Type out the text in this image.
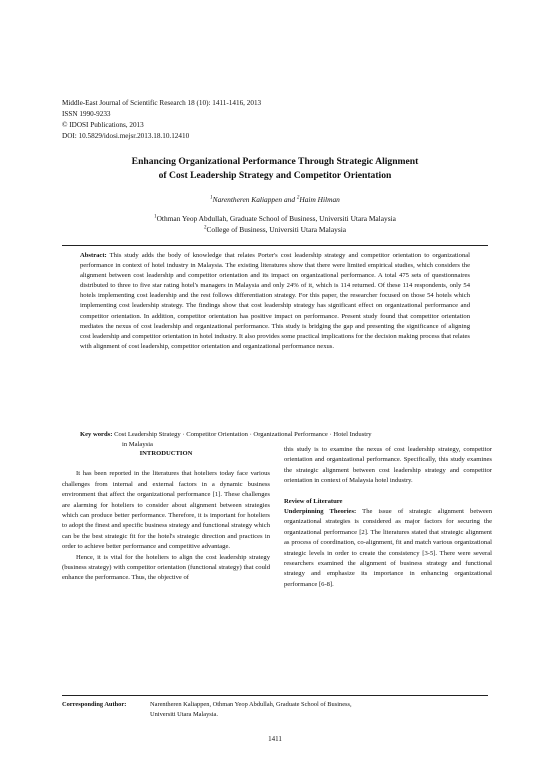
Middle-East Journal of Scientific Research 18 (10): 1411-1416, 2013
ISSN 1990-9233
© IDOSI Publications, 2013
DOI: 10.5829/idosi.mejsr.2013.18.10.12410
Enhancing Organizational Performance Through Strategic Alignment
of Cost Leadership Strategy and Competitor Orientation
$^1$Narentheren Kaliappen and $^2$Haim Hilman
$^1$Othman Yeop Abdullah, Graduate School of Business, Universiti Utara Malaysia
$^2$College of Business, Universiti Utara Malaysia
Abstract: This study adds the body of knowledge that relates Porter's cost leadership strategy and competitor orientation to organizational performance in context of hotel industry in Malaysia. The existing literatures show that there were limited empirical studies, which considers the alignment between cost leadership and competitor orientation and its impact on organizational performance. A total 475 sets of questionnaires distributed to three to five star rating hotel's managers in Malaysia and only 24% of it, which is 114 returned. Of these 114 respondents, only 54 hotels implementing cost leadership and the rest follows differentiation strategy. For this paper, the researcher focused on those 54 hotels which implementing cost leadership strategy. The findings show that cost leadership strategy has significant effect on organizational performance and competitor orientation. In addition, competitor orientation has positive impact on performance. Present study found that competitor orientation mediates the nexus of cost leadership and organizational performance. This study is bridging the gap and presenting the significance of aligning cost leadership and competitor orientation in hotel industry. It also provides some practical implications for the decision making process that relates with alignment of cost leadership, competitor orientation and organizational performance nexus.
Key words: Cost Leadership Strategy · Competitor Orientation · Organizational Performance · Hotel Industry
in Malaysia
INTRODUCTION

It has been reported in the literatures that hoteliers today face various challenges from internal and external factors in a dynamic business environment that affect the organizational performance [1]. These challenges are alarming for hoteliers to consider about alignment between strategies which can produce better performance. Therefore, it is important for hoteliers to adopt the finest and specific business strategy and functional strategy which can be the best strategic fit for the hotel's strategic direction and practices in order to achieve better performance and competitive advantage.

Hence, it is vital for the hoteliers to align the cost leadership strategy (business strategy) with competitor orientation (functional strategy) that could enhance the performance. Thus, the objective of

this study is to examine the nexus of cost leadership strategy, competitor orientation and organizational performance. Specifically, this study examines the strategic alignment between cost leadership strategy and competitor orientation in context of Malaysia hotel industry.

Review of Literature

Underpinning Theories: The issue of strategic alignment between organizational strategies is considered as major factors for securing the organizational performance [2]. The literatures stated that strategic alignment as process of coordination, co-alignment, fit and match various organizational strategic levels in order to create the consistency [3-5]. There were several researchers examined the alignment of business strategy and functional strategy and emphasize its importance in enhancing organizational performance [6-8].

Corresponding Author:	Narentheren Kaliappen, Othman Yeop Abdullah, Graduate School of Business,
Universiti Utara Malaysia.
1411
